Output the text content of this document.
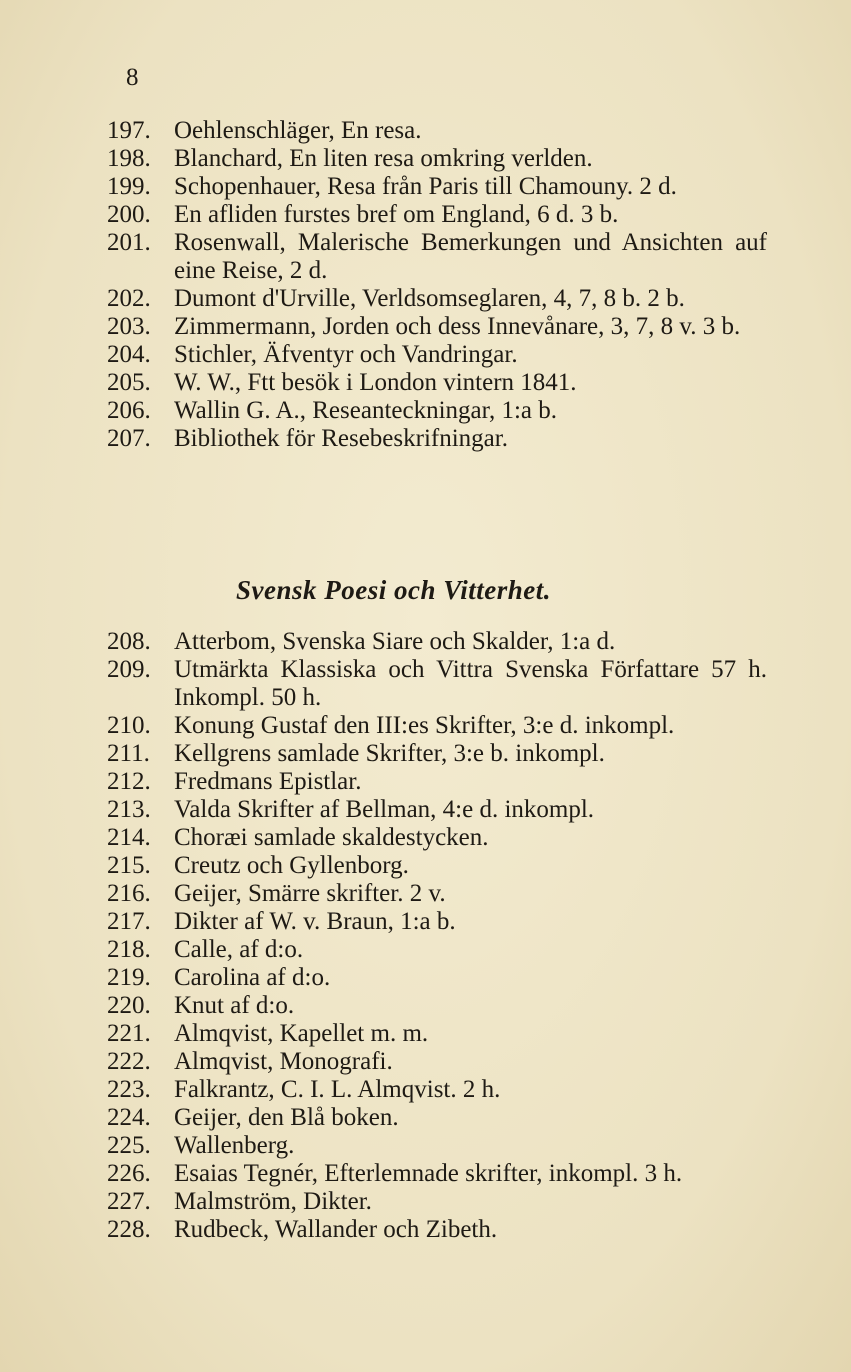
8
197. Oehlenschläger, En resa.
198. Blanchard, En liten resa omkring verlden.
199. Schopenhauer, Resa från Paris till Chamouny. 2 d.
200. En afliden furstes bref om England, 6 d. 3 b.
201. Rosenwall, Malerische Bemerkungen und Ansichten auf eine Reise, 2 d.
202. Dumont d'Urville, Verldsomseglaren, 4, 7, 8 b. 2 b.
203. Zimmermann, Jorden och dess Innevånare, 3, 7, 8 v. 3 b.
204. Stichler, Äfventyr och Vandringar.
205. W. W., Ftt besök i London vintern 1841.
206. Wallin G. A., Reseanteckningar, 1:a b.
207. Bibliothek för Resebeskrifningar.
Svensk Poesi och Vitterhet.
208. Atterbom, Svenska Siare och Skalder, 1:a d.
209. Utmärkta Klassiska och Vittra Svenska Författare 57 h. Inkompl. 50 h.
210. Konung Gustaf den III:es Skrifter, 3:e d. inkompl.
211. Kellgrens samlade Skrifter, 3:e b. inkompl.
212. Fredmans Epistlar.
213. Valda Skrifter af Bellman, 4:e d. inkompl.
214. Choræi samlade skaldestycken.
215. Creutz och Gyllenborg.
216. Geijer, Smärre skrifter. 2 v.
217. Dikter af W. v. Braun, 1:a b.
218. Calle, af d:o.
219. Carolina af d:o.
220. Knut af d:o.
221. Almqvist, Kapellet m. m.
222. Almqvist, Monografi.
223. Falkrantz, C. I. L. Almqvist. 2 h.
224. Geijer, den Blå boken.
225. Wallenberg.
226. Esaias Tegnér, Efterlemnade skrifter, inkompl. 3 h.
227. Malmström, Dikter.
228. Rudbeck, Wallander och Zibeth.
